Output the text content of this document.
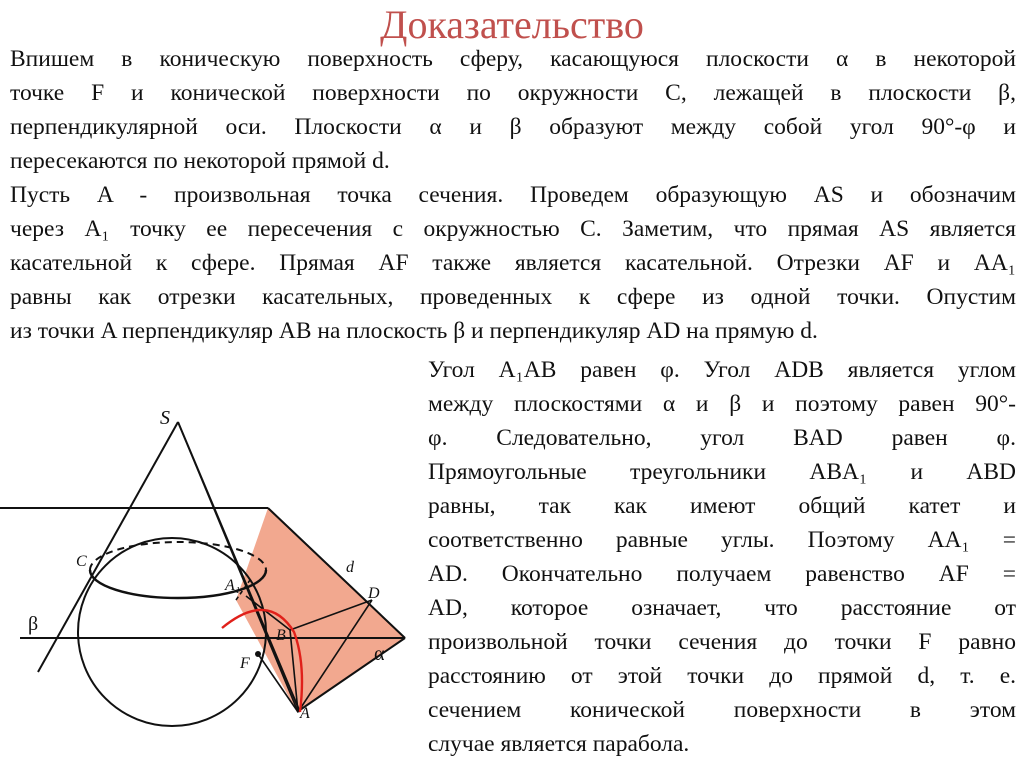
Доказательство
Впишем в коническую поверхность сферу, касающуюся плоскости α в некоторой
точке F и конической поверхности по окружности C, лежащей в плоскости β,
перпендикулярной оси. Плоскости α и β образуют между собой угол 90°-φ и
пересекаются по некоторой прямой d.
Пусть A - произвольная точка сечения. Проведем образующую AS и обозначим
через A₁ точку ее пересечения с окружностью C. Заметим, что прямая AS является
касательной к сфере. Прямая AF также является касательной. Отрезки AF и AA₁
равны как отрезки касательных, проведенных к сфере из одной точки. Опустим
из точки A перпендикуляр AB на плоскость β и перпендикуляр AD на прямую d.
Угол A₁AB равен φ. Угол ADB является углом
между плоскостями α и β и поэтому равен 90°-
φ. Следовательно, угол BAD равен φ.
Прямоугольные треугольники ABA₁ и ABD
равны, так как имеют общий катет и
соответственно равные углы. Поэтому AA₁ =
AD. Окончательно получаем равенство AF =
AD, которое означает, что расстояние от
произвольной точки сечения до точки F равно
расстоянию от этой точки до прямой d, т. е.
сечением конической поверхности в этом
случае является парабола.
S
C
A₁
B
F
A
D
d
β
α
